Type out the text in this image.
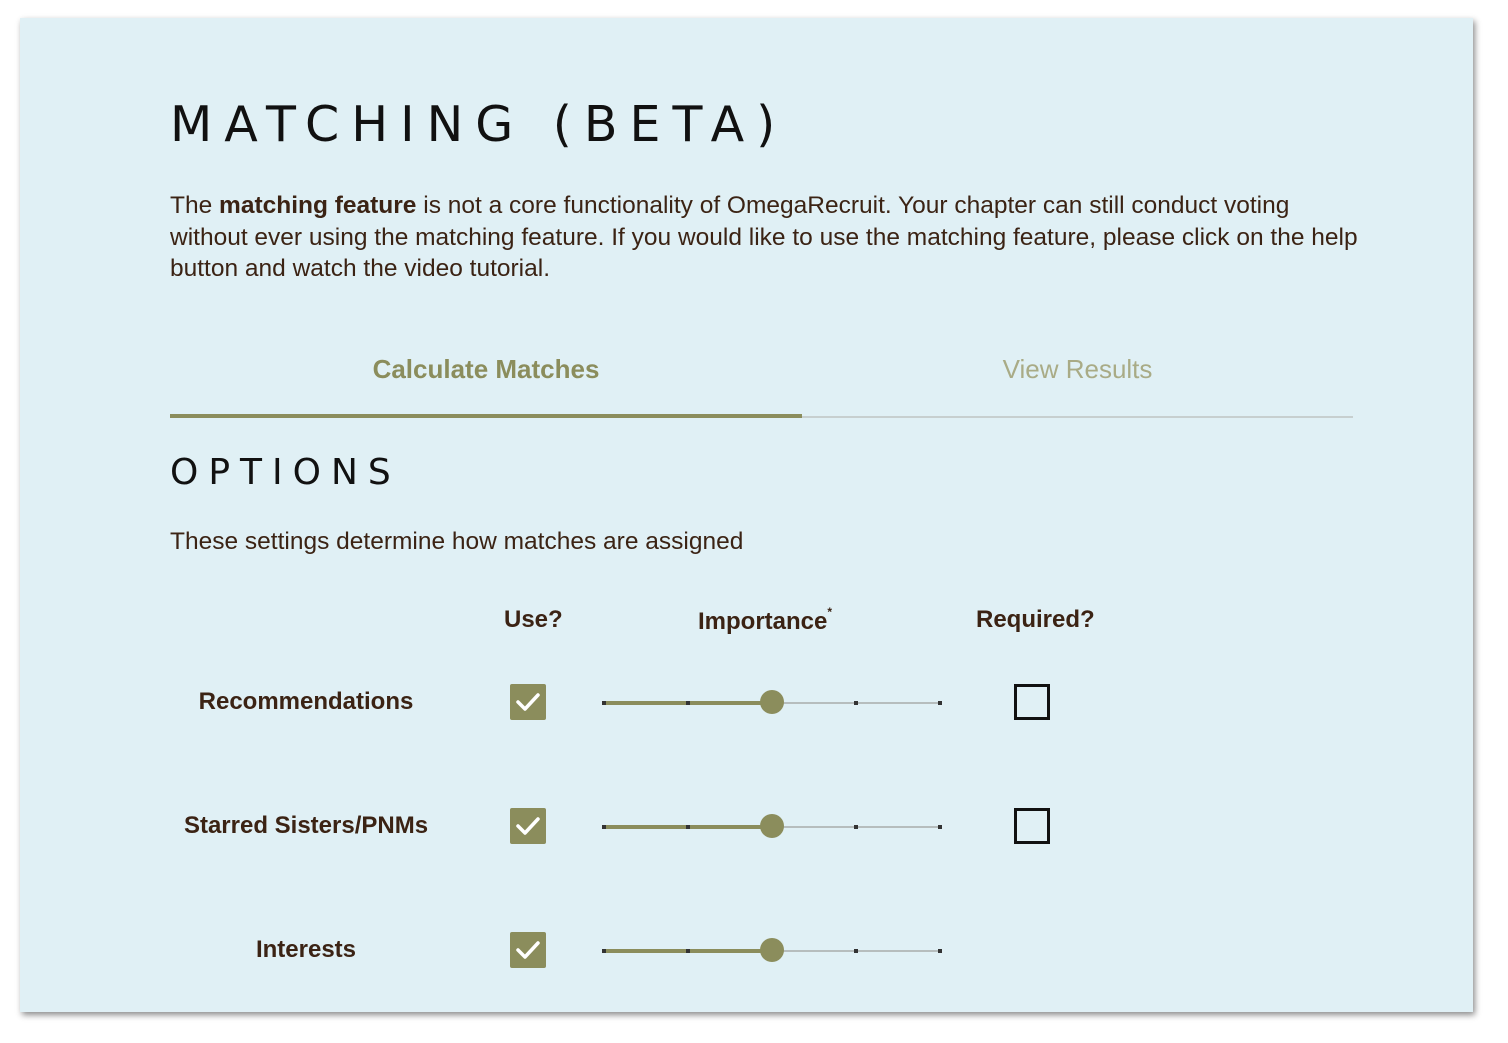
MATCHING (BETA)

The matching feature is not a core functionality of OmegaRecruit. Your chapter can still conduct voting without ever using the matching feature. If you would like to use the matching feature, please click on the help button and watch the video tutorial.

Calculate Matches	View Results
OPTIONS

These settings determine how matches are assigned

Use?	Importance*	Required?
Recommendations
Starred Sisters/PNMs
Interests
